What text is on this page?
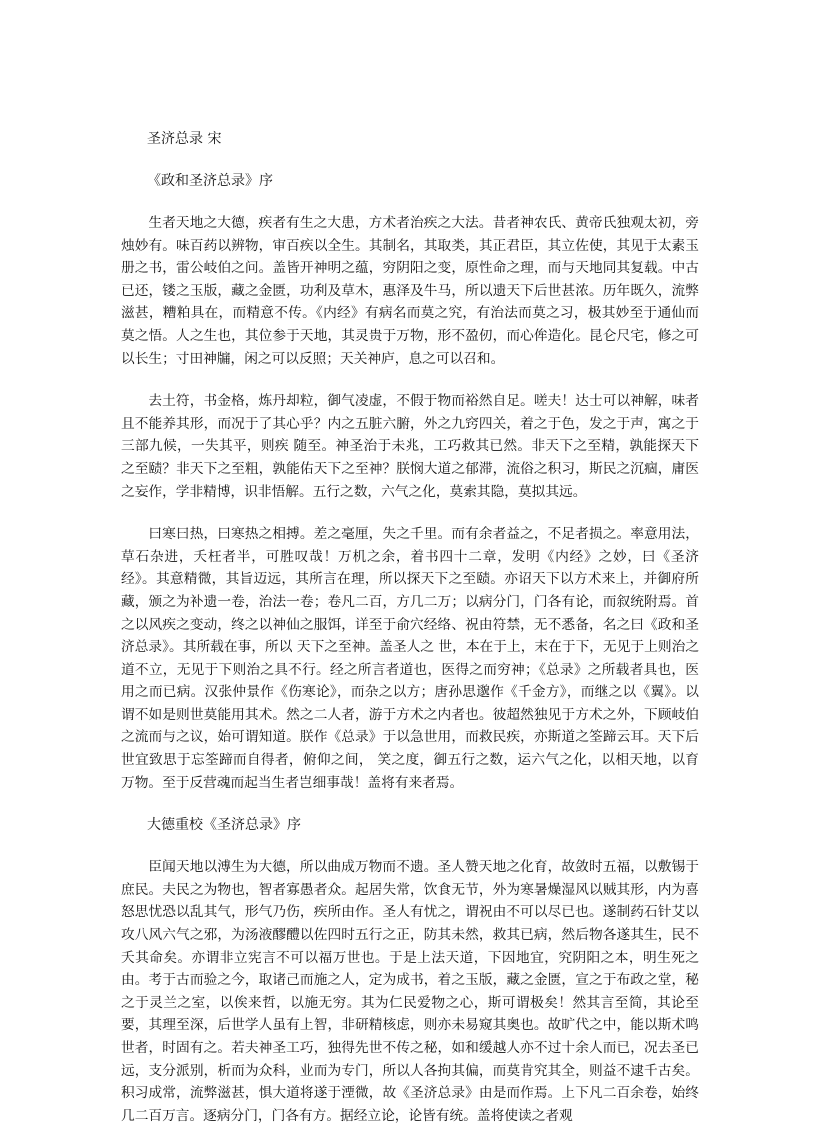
圣济总录 宋
《政和圣济总录》序

生者天地之大德，疾者有生之大患，方术者治疾之大法。昔者神农氏、黄帝氏独观太初，旁烛妙有。味百药以辨物，审百疾以全生。其制名，其取类，其正君臣，其立佐使，其见于太素玉册之书，雷公岐伯之问。盖皆开神明之蕴，穷阴阳之变，原性命之理，而与天地同其复载。中古已还，镂之玉版，藏之金匮，功利及草木，惠泽及牛马，所以遗天下后世甚浓。历年既久，流弊滋甚，糟粕具在，而精意不传。《内经》有病名而莫之究，有治法而莫之习，极其妙至于通仙而莫之悟。人之生也，其位参于天地，其灵贵于万物，形不盈仞，而心侔造化。昆仑尺宅，修之可以长生；寸田神牖，闲之可以反照；天关神庐，息之可以召和。

去土符，书金格，炼丹却粒，御气凌虚，不假于物而裕然自足。嗟夫！达士可以神解，味者且不能养其形，而况于了其心乎？内之五脏六腑，外之九窍四关，着之于色，发之于声，寓之于三部九候，一失其平，则疾 随至。神圣治于未兆，工巧救其已然。非天下之至精，孰能探天下之至赜？非天下之至粗，孰能佑天下之至神？朕悯大道之郁滞，流俗之积习，斯民之沉痼，庸医之妄作，学非精博，识非悟解。五行之数，六气之化，莫索其隐，莫拟其远。

曰寒曰热，曰寒热之相搏。差之毫厘，失之千里。而有余者益之，不足者损之。率意用法，草石杂进，夭枉者半，可胜叹哉！万机之余，着书四十二章，发明《内经》之妙，曰《圣济经》。其意精微，其旨迈远，其所言在理，所以探天下之至赜。亦诏天下以方术来上，并御府所藏，颁之为补遗一卷，治法一卷；卷凡二百，方几二万；以病分门，门各有论，而叙统附焉。首之以风疾之变动，终之以神仙之服饵，详至于俞穴经络、祝由符禁，无不悉备，名之曰《政和圣济总录》。其所载在事，所以 天下之至神。盖圣人之 世，本在于上，末在于下，无见于上则治之道不立，无见于下则治之具不行。经之所言者道也，医得之而穷神；《总录》之所载者具也，医用之而已病。汉张仲景作《伤寒论》，而杂之以方；唐孙思邈作《千金方》，而继之以《翼》。以谓不如是则世莫能用其术。然之二人者，游于方术之内者也。彼超然独见于方术之外，下顾岐伯之流而与之议，始可谓知道。朕作《总录》于以急世用，而救民疾，亦斯道之筌蹄云耳。天下后世宜致思于忘筌蹄而自得者，俯仰之间， 笑之度，御五行之数，运六气之化，以相天地，以育万物。至于反营魂而起当生者岂细事哉！盖将有来者焉。

大德重校《圣济总录》序

臣闻天地以溥生为大德，所以曲成万物而不遗。圣人赞天地之化育，故敛时五福，以敷锡于庶民。夫民之为物也，智者寡愚者众。起居失常，饮食无节，外为寒暑燥湿风以贼其形，内为喜怒思忧恐以乱其气，形气乃伤，疾所由作。圣人有忧之，谓祝由不可以尽已也。遂制药石针艾以攻八风六气之邪，为汤液醪醴以佐四时五行之正，防其未然，救其已病，然后物各遂其生，民不夭其命矣。亦谓非立宪言不可以福万世也。于是上法天道，下因地宜，究阴阳之本，明生死之由。考于古而验之今，取诸己而施之人，定为成书，着之玉版，藏之金匮，宣之于布政之堂，秘之于灵兰之室，以俟来哲，以施无穷。其为仁民爱物之心，斯可谓极矣！然其言至简，其论至要，其理至深，后世学人虽有上智，非研精核虑，则亦未易窥其奥也。故旷代之中，能以斯术鸣世者，时固有之。若夫神圣工巧，独得先世不传之秘，如和缓越人亦不过十余人而已，况去圣已远，支分派别，析而为众科，业而为专门，所以人各拘其偏，而莫肯究其全，则益不逮千古矣。积习成常，流弊滋甚，惧大道将遂于湮微，故《圣济总录》由是而作焉。上下凡二百余卷，始终几二百万言。逐病分门，门各有方。据经立论，论皆有统。盖将使读之者观
